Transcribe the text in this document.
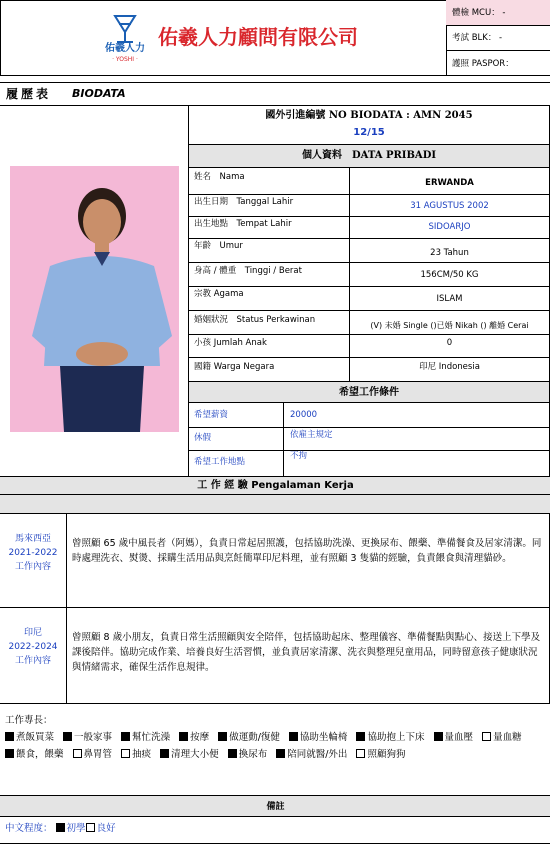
佑羲人力
· YOSHI ·
佑羲人力顧問有限公司
體檢 MCU： -
考試 BLK： -
護照 PASPOR：
履歷表 BIODATA
國外引進編號 NO BIODATA : AMN 2045
12/15
個人資料　DATA PRIBADI
姓名　Nama
出生日期　Tanggal Lahir
出生地點　Tempat Lahir
年齡　Umur
身高 / 體重　Tinggi / Berat
宗教 Agama
婚姻狀況　Status Perkawinan
小孩 Jumlah Anak
國籍 Warga Negara
ERWANDA
31 AGUSTUS 2002
SIDOARJO
23 Tahun
156CM/50 KG
ISLAM
(V) 未婚 Single ()已婚 Nikah () 離婚 Cerai
0
印尼 Indonesia
希望工作條件
希望薪資
休假
希望工作地點
20000
依雇主規定
不拘
工 作 經 驗 Pengalaman Kerja
馬來西亞
2021-2022
工作內容
曾照顧 65 歲中風長者（阿媽），負責日常起居照護，包括協助洗澡、更換尿布、餵藥、準備餐食及居家清潔。同時處理洗衣、熨燙、採購生活用品與烹飪簡單印尼料理，並有照顧 3 隻貓的經驗，負責餵食與清理貓砂。
印尼
2022-2024
工作內容
曾照顧 8 歲小朋友，負責日常生活照顧與安全陪伴，包括協助起床、整理儀容、準備餐點與點心、接送上下學及課後陪伴。協助完成作業、培養良好生活習慣，並負責居家清潔、洗衣與整理兒童用品，同時留意孩子健康狀況與情緒需求，確保生活作息規律。
工作專長：
煮飯買菜 一般家事 幫忙洗澡 按摩 做運動/復健 協助坐輪椅 協助抱上下床 量血壓 量血糖 餵食，餵藥 鼻胃管 抽痰 清理大小便 換尿布 陪同就醫/外出 照顧狗狗
備註
中文程度： 初學 良好
